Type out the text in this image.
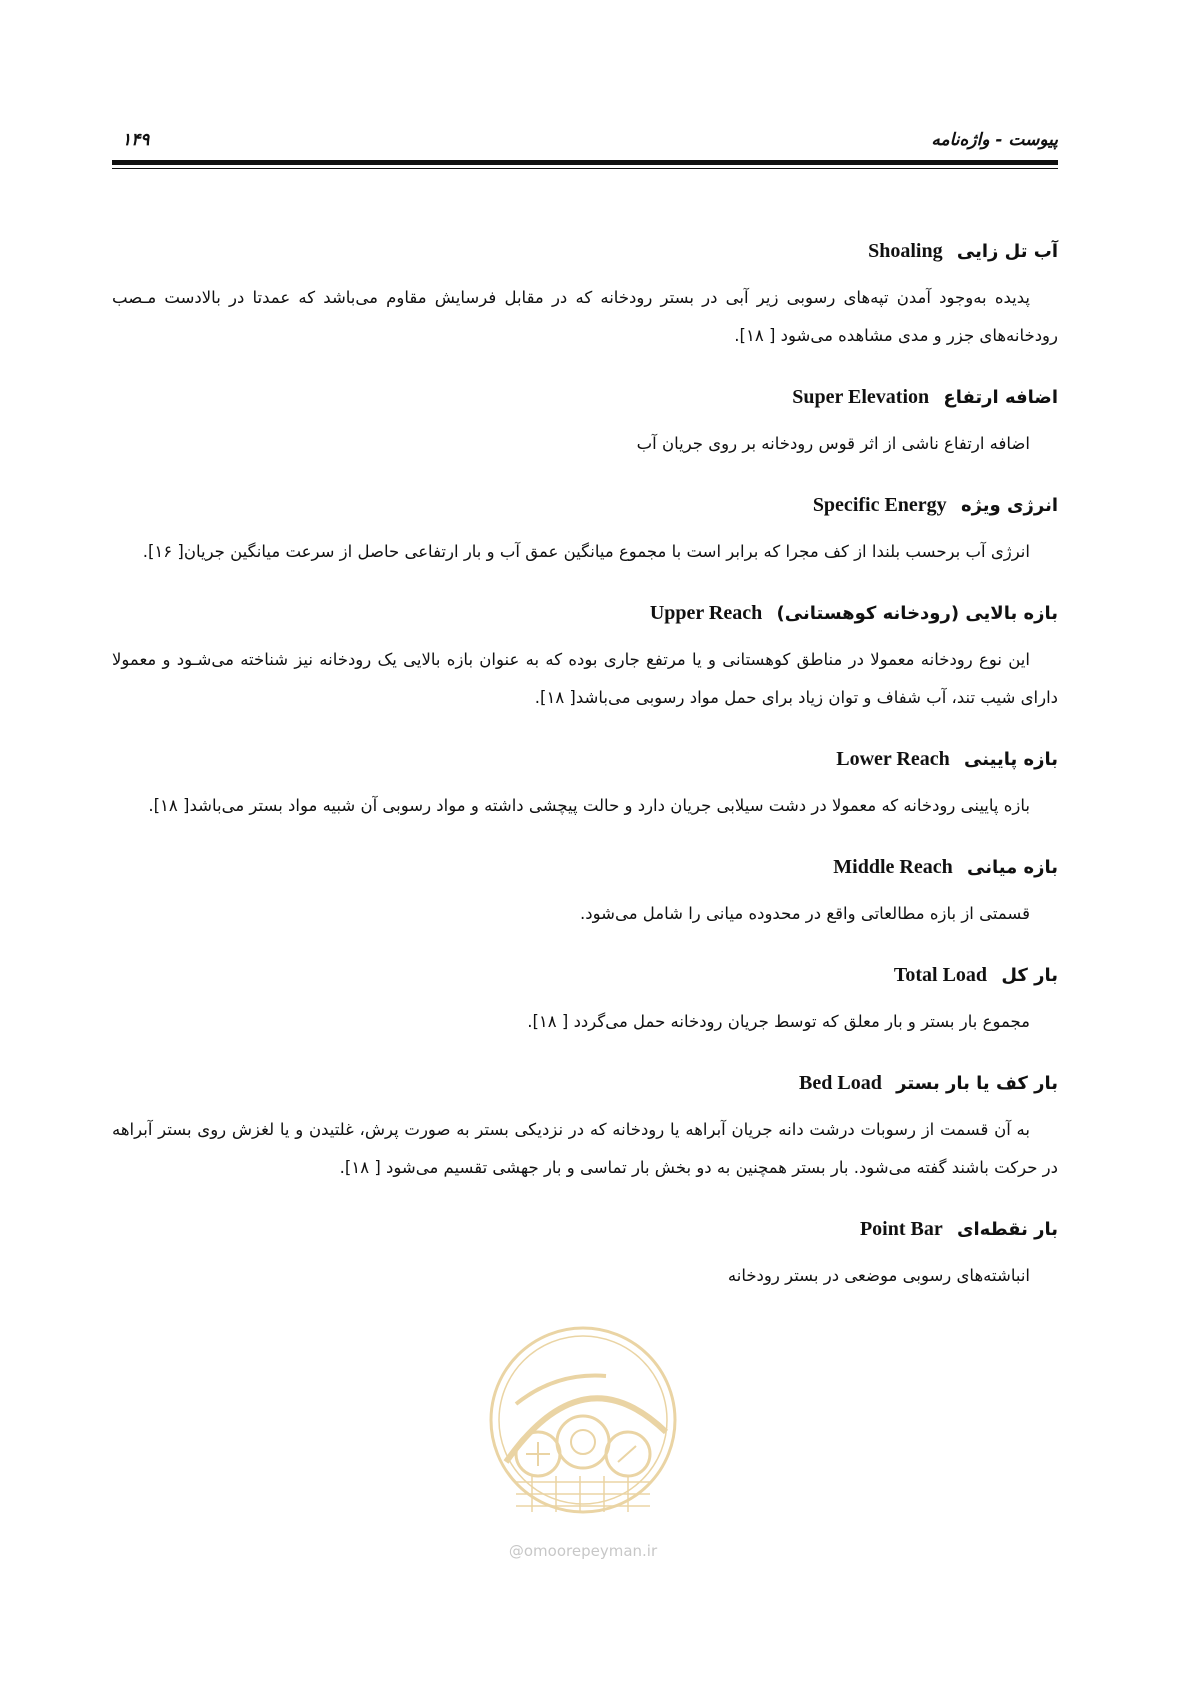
پیوست - واژه‌نامه
۱۴۹
آب تل زایی Shoaling

پدیده به‌وجود آمدن تپه‌های رسوبی زیر آبی در بستر رودخانه که در مقابل فرسایش مقاوم می‌باشد که عمدتا در بالادست مـصب رودخانه‌های جزر و مدی مشاهده می‌شود [ ۱۸].

اضافه ارتفاع Super Elevation

اضافه ارتفاع ناشی از اثر قوس رودخانه بر روی جریان آب

انرژی ویژه Specific Energy

انرژی آب برحسب بلندا از کف مجرا که برابر است با مجموع میانگین عمق آب و بار ارتفاعی حاصل از سرعت میانگین جریان[ ۱۶].

بازه بالایی (رودخانه کوهستانی) Upper Reach

این نوع رودخانه معمولا در مناطق کوهستانی و یا مرتفع جاری بوده که به عنوان بازه بالایی یک رودخانه نیز شناخته می‌شـود و معمولا دارای شیب تند، آب شفاف و توان زیاد برای حمل مواد رسوبی می‌باشد[ ۱۸].

بازه پایینی Lower Reach

بازه پایینی رودخانه که معمولا در دشت سیلابی جریان دارد و حالت پیچشی داشته و مواد رسوبی آن شبیه مواد بستر می‌باشد[ ۱۸].

بازه میانی Middle Reach

قسمتی از بازه مطالعاتی واقع در محدوده میانی را شامل می‌شود.

بار کل Total Load

مجموع بار بستر و بار معلق که توسط جریان رودخانه حمل می‌گردد [ ۱۸].

بار کف یا بار بستر Bed Load

به آن قسمت از رسوبات درشت دانه جریان آبراهه یا رودخانه که در نزدیکی بستر به صورت پرش، غلتیدن و یا لغزش روی بستر آبراهه در حرکت باشند گفته می‌شود. بار بستر همچنین به دو بخش بار تماسی و بار جهشی تقسیم می‌شود [ ۱۸].

بار نقطه‌ای Point Bar

انباشته‌های رسوبی موضعی در بستر رودخانه

@omoorepeyman.ir
